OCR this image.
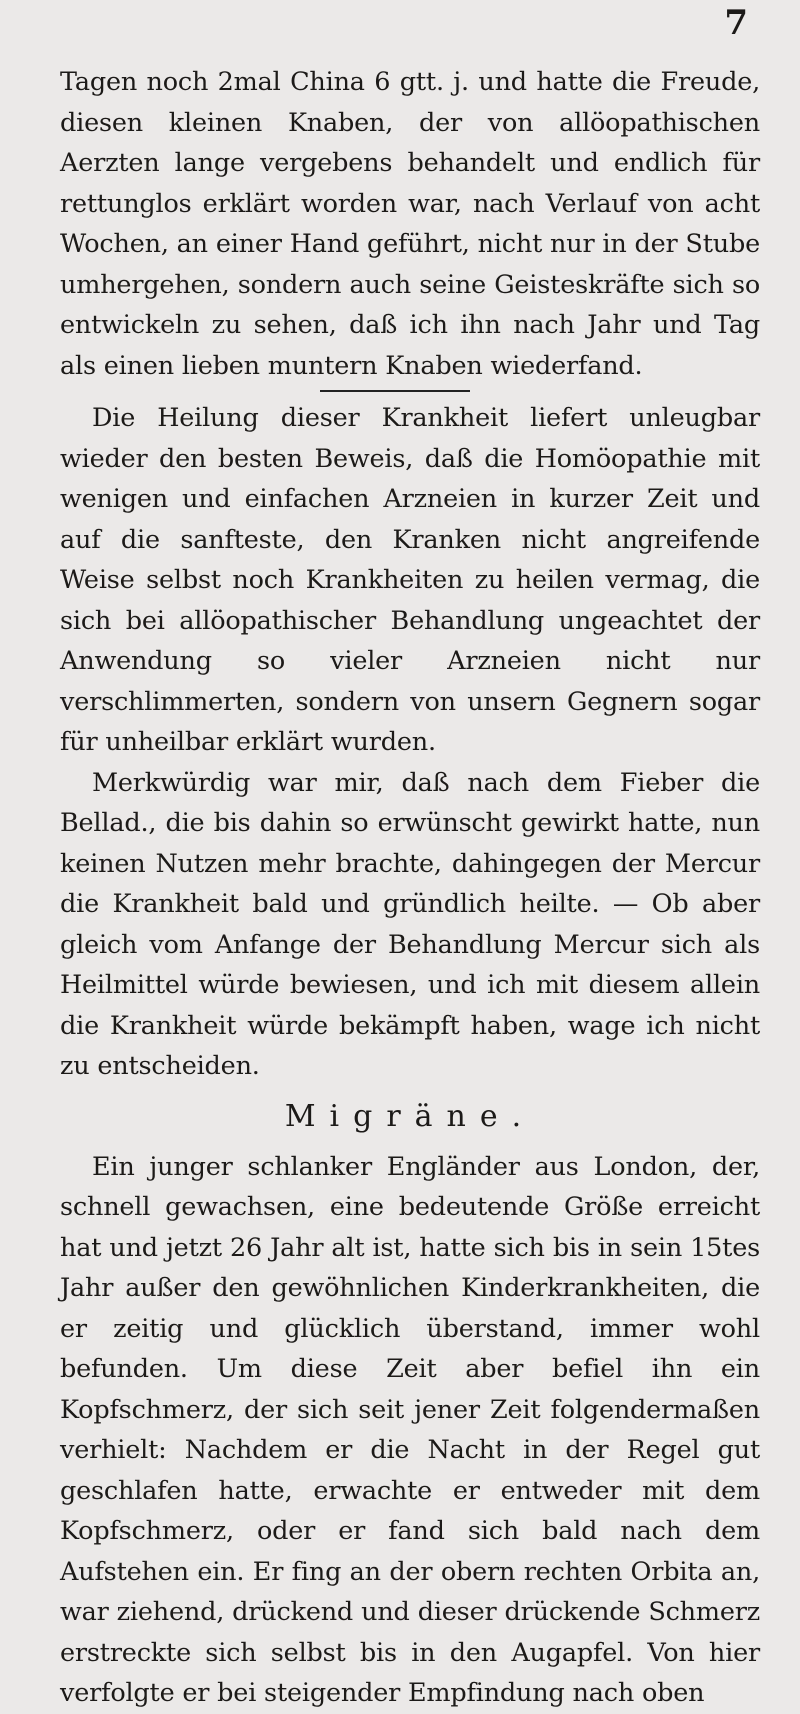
7

Tagen noch 2mal China 6 gtt. j. und hatte die Freude, diesen kleinen Knaben, der von allöopathischen Aerzten lange vergebens behandelt und endlich für rettunglos erklärt worden war, nach Verlauf von acht Wochen, an einer Hand geführt, nicht nur in der Stube umhergehen, sondern auch seine Geisteskräfte sich so entwickeln zu sehen, daß ich ihn nach Jahr und Tag als einen lieben muntern Knaben wiederfand.

Die Heilung dieser Krankheit liefert unleugbar wieder den besten Beweis, daß die Homöopathie mit wenigen und einfachen Arzneien in kurzer Zeit und auf die sanfteste, den Kranken nicht angreifende Weise selbst noch Krankheiten zu heilen vermag, die sich bei allöopathischer Behandlung ungeachtet der Anwendung so vieler Arzneien nicht nur verschlimmerten, sondern von unsern Gegnern sogar für unheilbar erklärt wurden.

Merkwürdig war mir, daß nach dem Fieber die Bellad., die bis dahin so erwünscht gewirkt hatte, nun keinen Nutzen mehr brachte, dahingegen der Mercur die Krankheit bald und gründlich heilte. — Ob aber gleich vom Anfange der Behandlung Mercur sich als Heilmittel würde bewiesen, und ich mit diesem allein die Krankheit würde bekämpft haben, wage ich nicht zu entscheiden.

Migräne.

Ein junger schlanker Engländer aus London, der, schnell gewachsen, eine bedeutende Größe erreicht hat und jetzt 26 Jahr alt ist, hatte sich bis in sein 15tes Jahr außer den gewöhnlichen Kinderkrankheiten, die er zeitig und glücklich überstand, immer wohl befunden. Um diese Zeit aber befiel ihn ein Kopfschmerz, der sich seit jener Zeit folgendermaßen verhielt: Nachdem er die Nacht in der Regel gut geschlafen hatte, erwachte er entweder mit dem Kopfschmerz, oder er fand sich bald nach dem Aufstehen ein. Er fing an der obern rechten Orbita an, war ziehend, drückend und dieser drückende Schmerz erstreckte sich selbst bis in den Augapfel. Von hier verfolgte er bei steigender Empfindung nach oben
